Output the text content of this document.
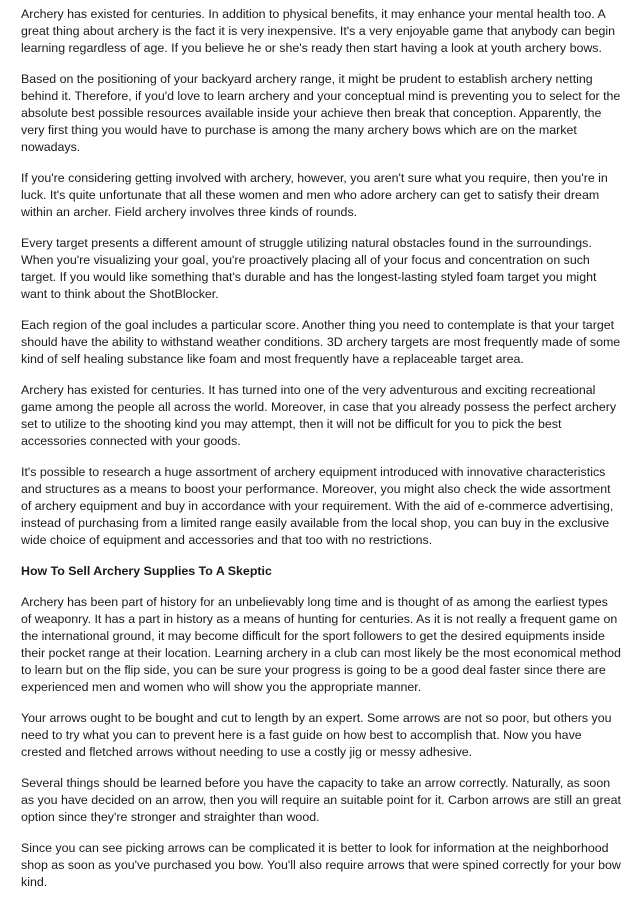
Archery has existed for centuries. In addition to physical benefits, it may enhance your mental health too. A great thing about archery is the fact it is very inexpensive. It's a very enjoyable game that anybody can begin learning regardless of age. If you believe he or she's ready then start having a look at youth archery bows.

Based on the positioning of your backyard archery range, it might be prudent to establish archery netting behind it. Therefore, if you'd love to learn archery and your conceptual mind is preventing you to select for the absolute best possible resources available inside your achieve then break that conception. Apparently, the very first thing you would have to purchase is among the many archery bows which are on the market nowadays.

If you're considering getting involved with archery, however, you aren't sure what you require, then you're in luck. It's quite unfortunate that all these women and men who adore archery can get to satisfy their dream within an archer. Field archery involves three kinds of rounds.

Every target presents a different amount of struggle utilizing natural obstacles found in the surroundings. When you're visualizing your goal, you're proactively placing all of your focus and concentration on such target. If you would like something that's durable and has the longest-lasting styled foam target you might want to think about the ShotBlocker.

Each region of the goal includes a particular score. Another thing you need to contemplate is that your target should have the ability to withstand weather conditions. 3D archery targets are most frequently made of some kind of self healing substance like foam and most frequently have a replaceable target area.

Archery has existed for centuries. It has turned into one of the very adventurous and exciting recreational game among the people all across the world. Moreover, in case that you already possess the perfect archery set to utilize to the shooting kind you may attempt, then it will not be difficult for you to pick the best accessories connected with your goods.

It's possible to research a huge assortment of archery equipment introduced with innovative characteristics and structures as a means to boost your performance. Moreover, you might also check the wide assortment of archery equipment and buy in accordance with your requirement. With the aid of e-commerce advertising, instead of purchasing from a limited range easily available from the local shop, you can buy in the exclusive wide choice of equipment and accessories and that too with no restrictions.

How To Sell Archery Supplies To A Skeptic

Archery has been part of history for an unbelievably long time and is thought of as among the earliest types of weaponry. It has a part in history as a means of hunting for centuries. As it is not really a frequent game on the international ground, it may become difficult for the sport followers to get the desired equipments inside their pocket range at their location. Learning archery in a club can most likely be the most economical method to learn but on the flip side, you can be sure your progress is going to be a good deal faster since there are experienced men and women who will show you the appropriate manner.

Your arrows ought to be bought and cut to length by an expert. Some arrows are not so poor, but others you need to try what you can to prevent here is a fast guide on how best to accomplish that. Now you have crested and fletched arrows without needing to use a costly jig or messy adhesive.

Several things should be learned before you have the capacity to take an arrow correctly. Naturally, as soon as you have decided on an arrow, then you will require an suitable point for it. Carbon arrows are still an great option since they're stronger and straighter than wood.

Since you can see picking arrows can be complicated it is better to look for information at the neighborhood shop as soon as you've purchased you bow. You'll also require arrows that were spined correctly for your bow kind.
